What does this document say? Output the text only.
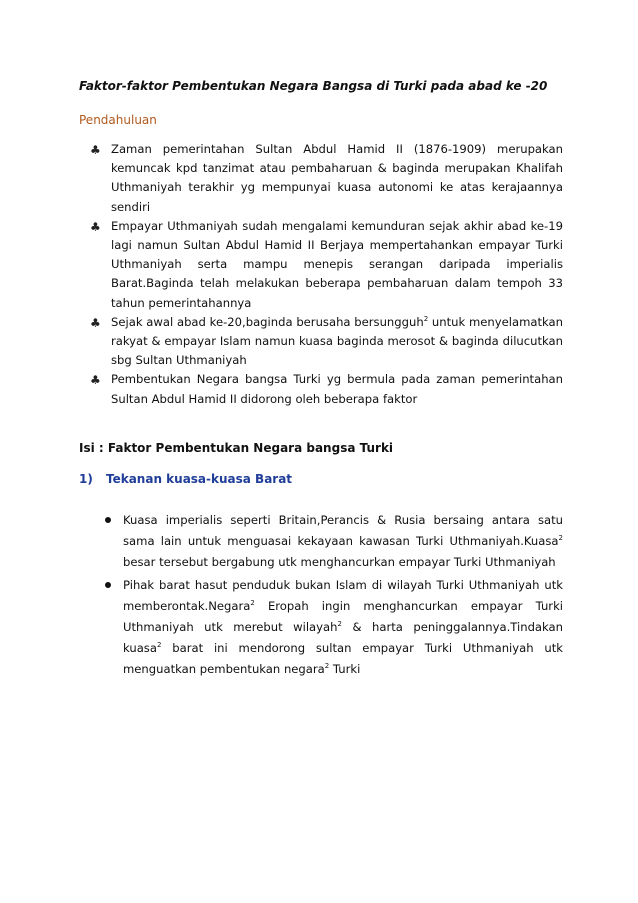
Faktor-faktor Pembentukan Negara Bangsa di Turki pada abad ke -20
Pendahuluan
♣ Zaman pemerintahan Sultan Abdul Hamid II (1876-1909) merupakan kemuncak kpd tanzimat atau pembaharuan & baginda merupakan Khalifah Uthmaniyah terakhir yg mempunyai kuasa autonomi ke atas kerajaannya sendiri
♣ Empayar Uthmaniyah sudah mengalami kemunduran sejak akhir abad ke-19 lagi namun Sultan Abdul Hamid II Berjaya mempertahankan empayar Turki Uthmaniyah serta mampu menepis serangan daripada imperialis Barat.Baginda telah melakukan beberapa pembaharuan dalam tempoh 33 tahun pemerintahannya
♣ Sejak awal abad ke-20,baginda berusaha bersungguh$^2$ untuk menyelamatkan rakyat & empayar Islam namun kuasa baginda merosot & baginda dilucutkan sbg Sultan Uthmaniyah
♣ Pembentukan Negara bangsa Turki yg bermula pada zaman pemerintahan Sultan Abdul Hamid II didorong oleh beberapa faktor
Isi : Faktor Pembentukan Negara bangsa Turki
1) Tekanan kuasa-kuasa Barat
Kuasa imperialis seperti Britain,Perancis & Rusia bersaing antara satu sama lain untuk menguasai kekayaan kawasan Turki Uthmaniyah.Kuasa$^2$ besar tersebut bergabung utk menghancurkan empayar Turki Uthmaniyah
Pihak barat hasut penduduk bukan Islam di wilayah Turki Uthmaniyah utk memberontak.Negara$^2$ Eropah ingin menghancurkan empayar Turki Uthmaniyah utk merebut wilayah$^2$ & harta peninggalannya.Tindakan kuasa$^2$ barat ini mendorong sultan empayar Turki Uthmaniyah utk menguatkan pembentukan negara$^2$ Turki
